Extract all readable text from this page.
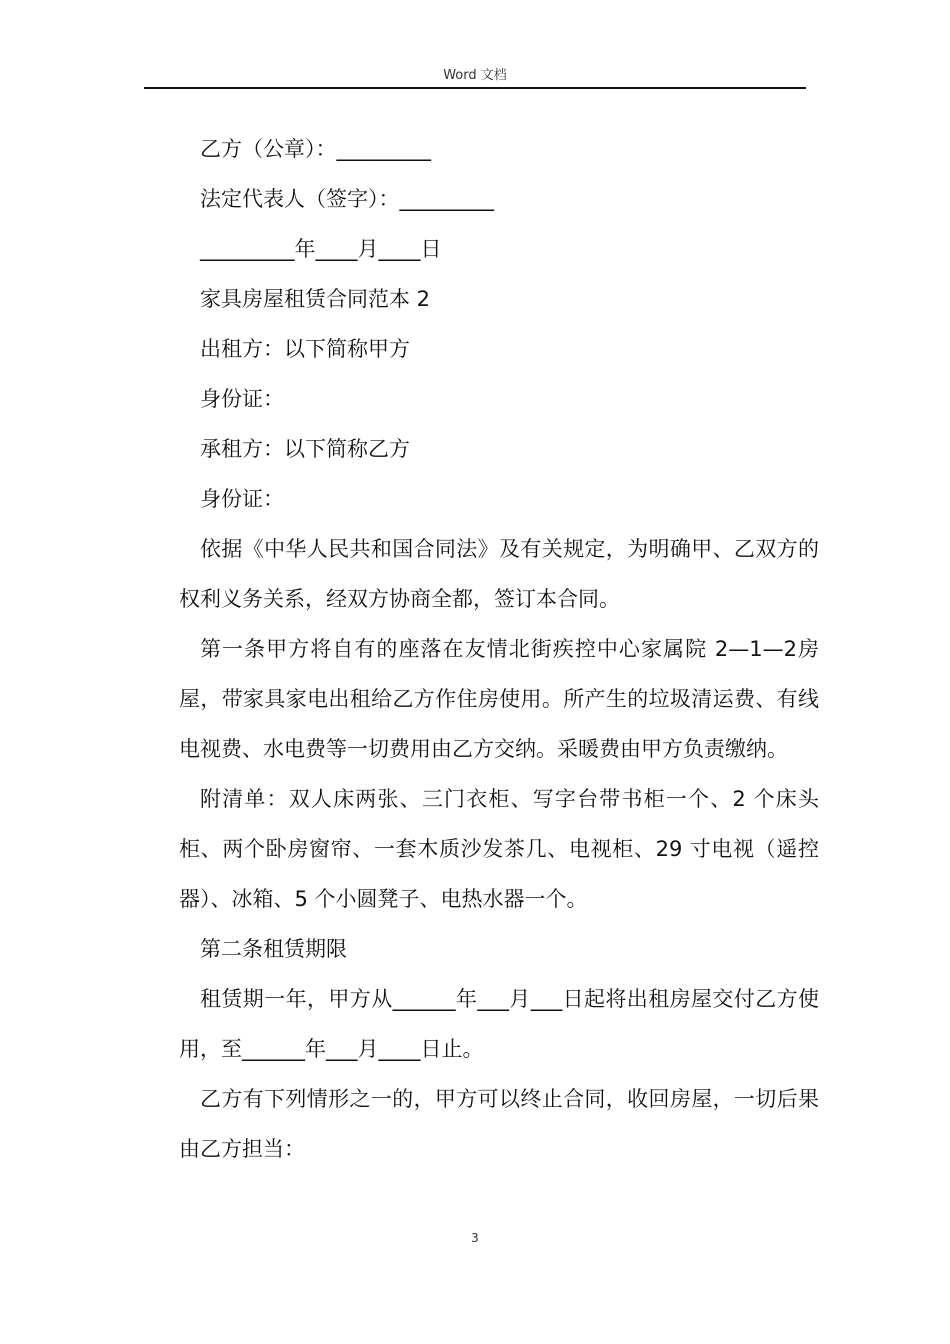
Word 文档

乙方（公章）：_________

法定代表人（签字）：_________

_________年____月____日

家具房屋租赁合同范本 2

出租方：以下简称甲方

身份证：

承租方：以下简称乙方

身份证：

依据《中华人民共和国合同法》及有关规定，为明确甲、乙双方的权利义务关系，经双方协商全都，签订本合同。

第一条甲方将自有的座落在友情北街疾控中心家属院 2—1—2房屋，带家具家电出租给乙方作住房使用。所产生的垃圾清运费、有线电视费、水电费等一切费用由乙方交纳。采暖费由甲方负责缴纳。

附清单：双人床两张、三门衣柜、写字台带书柜一个、2 个床头柜、两个卧房窗帘、一套木质沙发茶几、电视柜、29 寸电视（遥控器）、冰箱、5 个小圆凳子、电热水器一个。

第二条租赁期限

租赁期一年，甲方从______年___月___日起将出租房屋交付乙方使用，至______年___月____日止。

乙方有下列情形之一的，甲方可以终止合同，收回房屋，一切后果由乙方担当：

3
